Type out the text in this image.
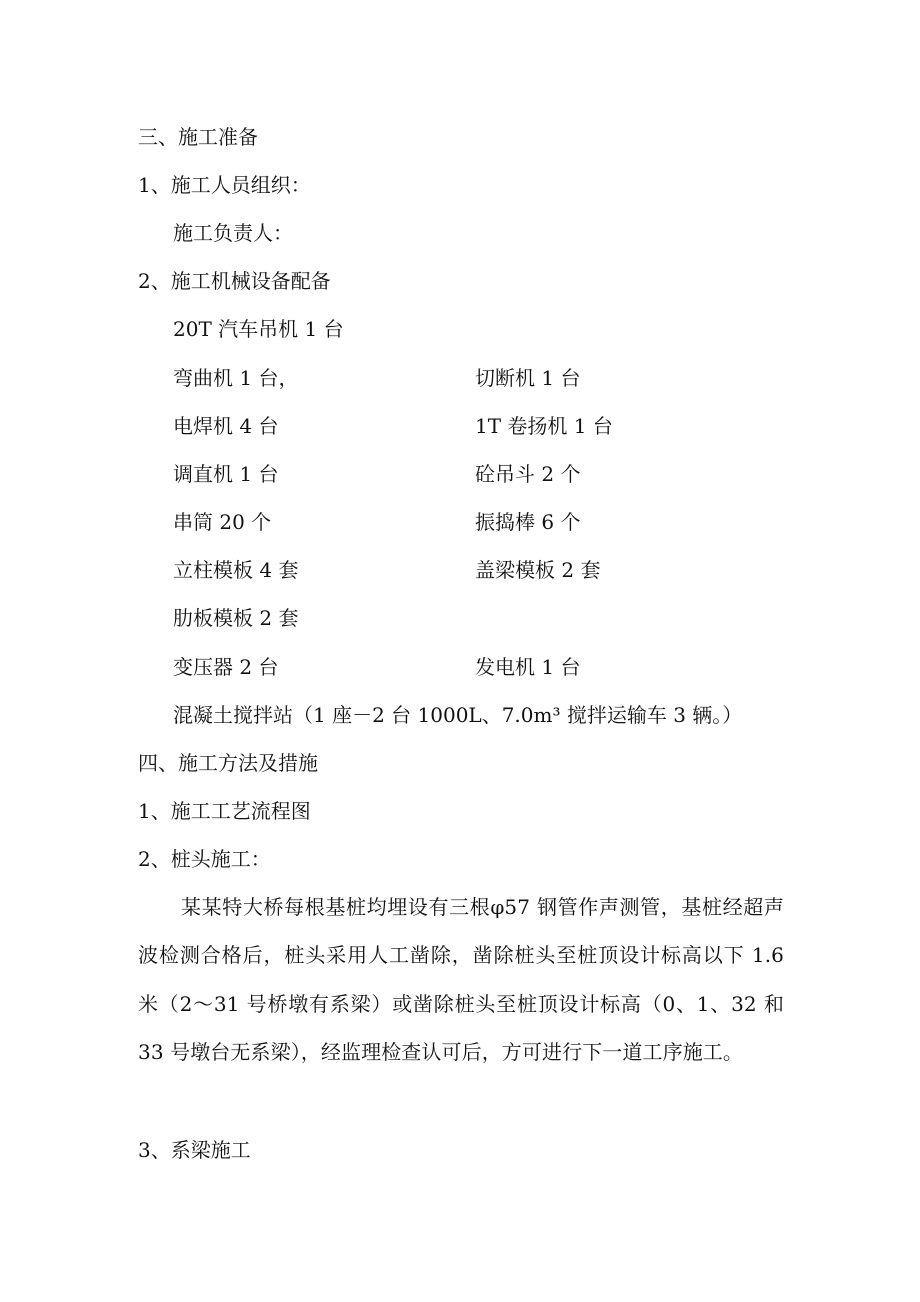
三、施工准备
1、施工人员组织：
施工负责人：
2、施工机械设备配备
20T 汽车吊机 1 台
弯曲机 1 台，	切断机 1 台
电焊机 4 台	1T 卷扬机 1 台
调直机 1 台	砼吊斗 2 个
串筒 20 个	振捣棒 6 个
立柱模板 4 套	盖梁模板 2 套
肋板模板 2 套
变压器 2 台	发电机 1 台
混凝土搅拌站（1 座－2 台 1000L、7.0m³ 搅拌运输车 3 辆。）
四、施工方法及措施
1、施工工艺流程图
2、桩头施工：
某某特大桥每根基桩均埋设有三根φ57 钢管作声测管，基桩经超声波检测合格后，桩头采用人工凿除，凿除桩头至桩顶设计标高以下 1.6 米（2～31 号桥墩有系梁）或凿除桩头至桩顶设计标高（0、1、32 和 33 号墩台无系梁），经监理检查认可后，方可进行下一道工序施工。
3、系梁施工
